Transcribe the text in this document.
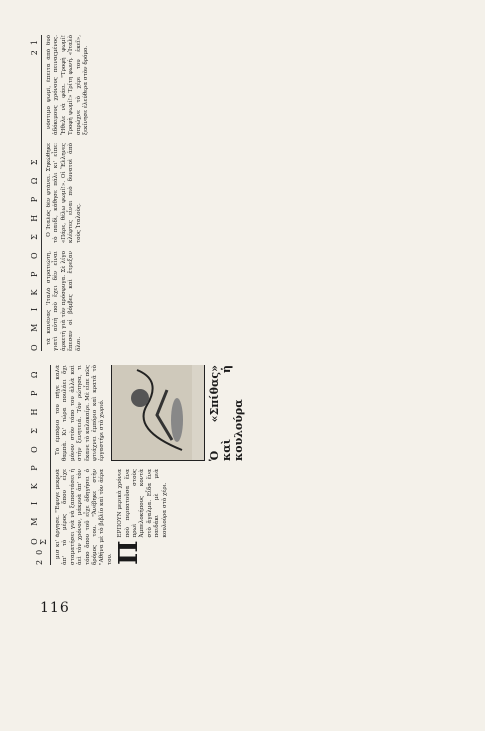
116
20
Ο Μ Ι Κ Ρ Ο Σ Η Ρ Ω Σ μισ κι' ἄργησε. "Ἐφυγε μεκρυά ἀπ' τὸ μέρος ὅπου εἶχε σταματήσει γιὰ νὰ ξαποστάσει ἡ ἀεὶ τὸν χρόνον, μάκρυὰ ἀπ' τὸν τόπο ὅπου τοῦ εἶχε ὁδηγήσει ὁ δρόμος του. "Ἀνέβηκε στὴν "Αθήνα μὲ τὸ βιβλίο καὶ τὸν ἀέρα του. Π
ΕΡΠΟΥΝ μερικὰ χρόνια ποὺ περπατοῦσα ἕνα πρωὶ στοὺς Ἀμπελοκήπους κοντὰ στὸ ἄγαλμα. Εἶδα ἕνα παιδάκι μὲ μιὰ κουλούρα στὸ χέρι.

Τὸ ἐμπόριο του πῆγε καλὰ θαμπὰ. Κι' τώρα πουλάει ὅχι μόνον στὸν τόπο του ἀλλὰ καὶ στὴν ξενητειά. Τὸν ρώτησα, τι ἔκανε τὸ καλοκαίρι. Μὲ εἶπε πῶς φτιάχνει ἐμπόριο καὶ κρατᾶ τὸ ἐργαστήρι στὸ χωριό.	Ὁ «Σπίθας» καὶ ἡ κουλούρα
Ο Μ Ι Κ Ρ Ο Σ Η Ρ Ω Σ
21

τὰ κανένας 'Ιταλὸ στρατιώτη, γιατὶ αὐτὴ ποὺ ἔχει δὲν εἶναι ἀρκετὴ γιὰ τὸν πρόσφυγα. Σὲ λίγο ἔπεσαν οἱ βόμβες καὶ ἔτρεξαν ὅλοι.

Ὁ Ἰταλὸς δὲν φτάνει. Σηκώθηκε τὸ παιδὶ, κάθησε πάλι κι' εἶπε: «Πάρε, θέλω ψωμί!». Οἱ Ἕλληνες κλέφτες εἶναι πιὸ δυνατοὶ ἀπὸ τοὺς Ἰταλοὺς.

νόστιμο ψωμὶ, ἔπειτα ἀπὸ δυὸ ἀδόκιμους χρόνους πειναςμένος. Ἤθελε νὰ φάει. "Τροφὴ ψωμί! Τροφὴ ψωμί!» Τρίτη φωνή. «Ἰταλὸ σπρώχνε τὸ χέρι του ἐκεῖ», ξεκίνησε ἐλεύθερα στὸν δρόμο.
